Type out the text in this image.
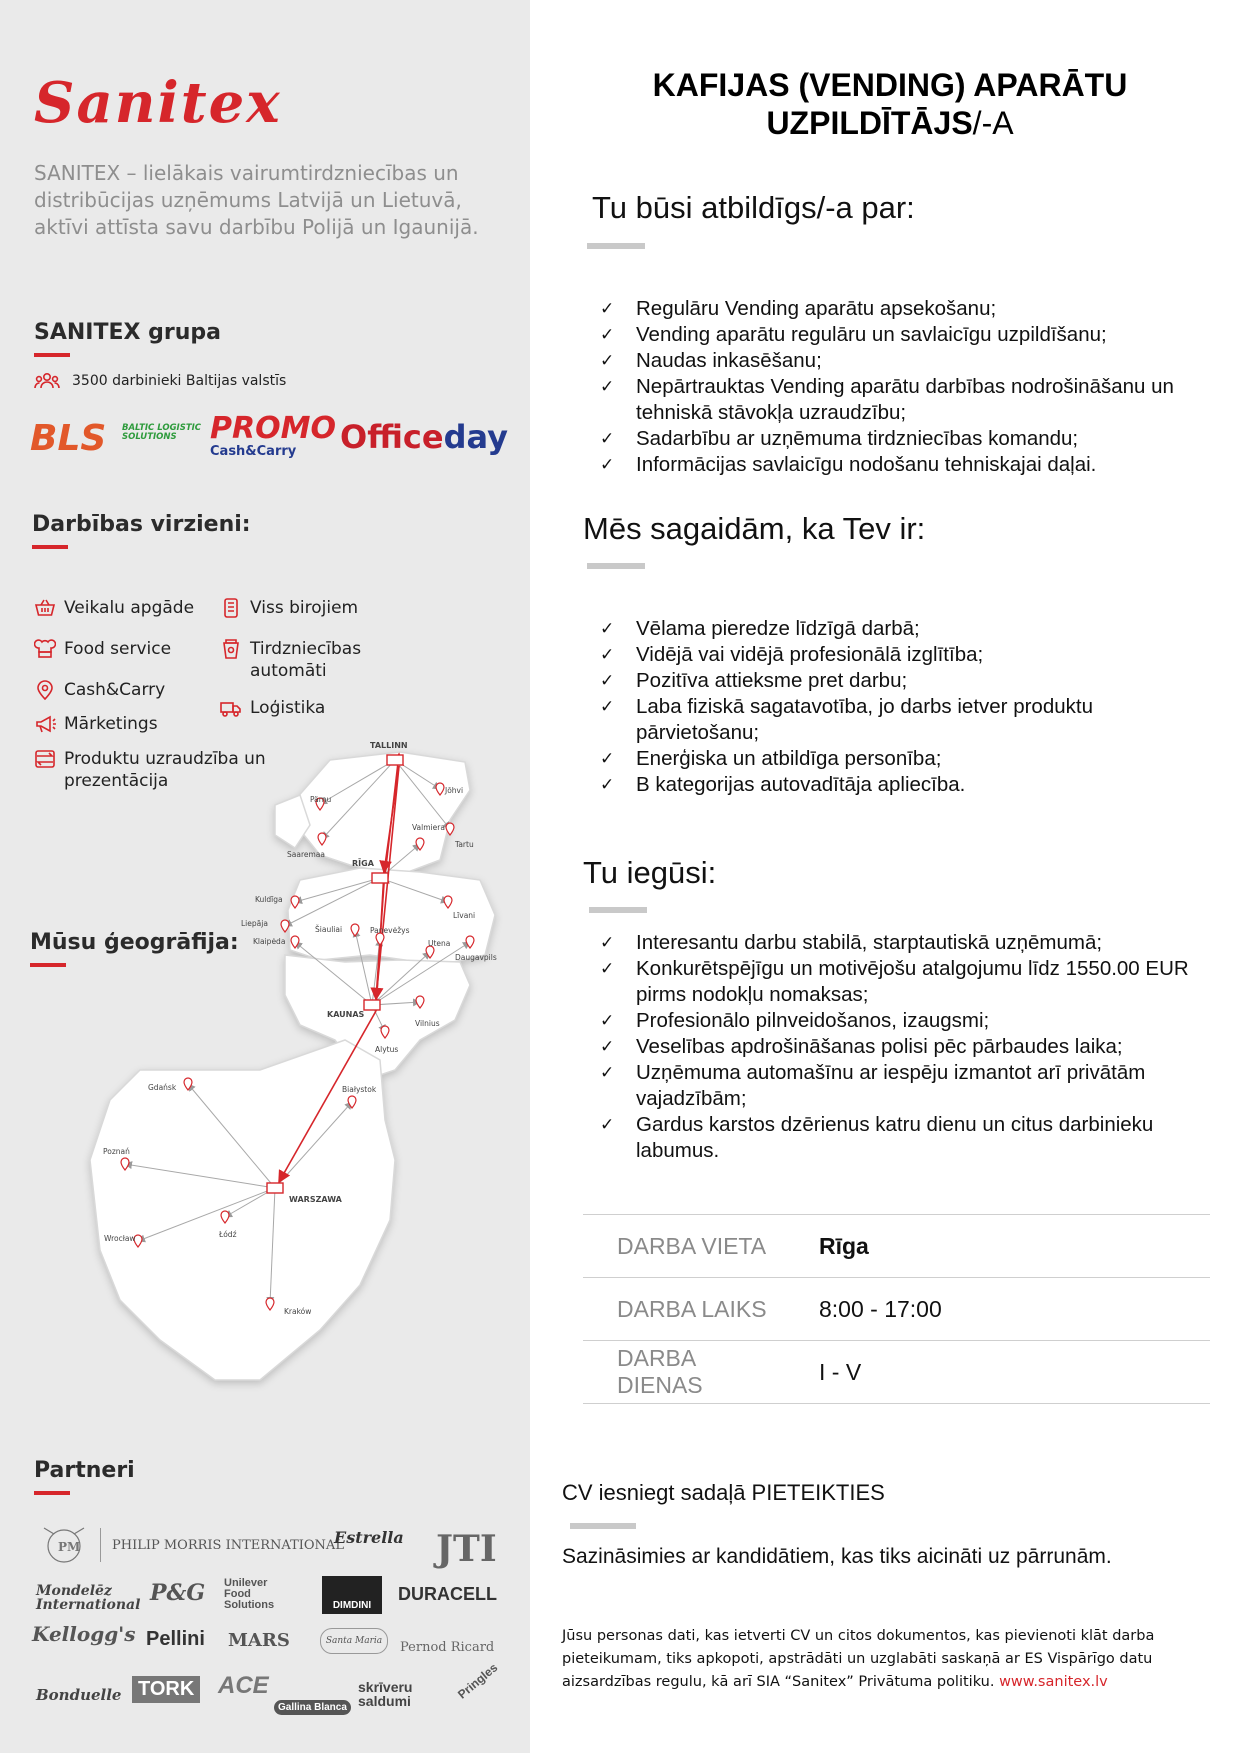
Sanitex
SANITEX – lielākais vairumtirdzniecības un distribūcijas uzņēmums Latvijā un Lietuvā, aktīvi attīsta savu darbību Polijā un Igaunijā.
SANITEX grupa
3500 darbinieki Baltijas valstīs
BLS BALTIC LOGISTIC SOLUTIONS	PROMO
Cash&Carry	Officeday
Darbības virzieni:
Veikalu apgāde	Viss birojiem
Food service	Tirdzniecības automāti
Cash&Carry
Loģistika
Mārketings
Produktu uzraudzība un prezentācija
Mūsu ģeogrāfija:
TALLINN
Jõhvi
Pärnu
Tartu
Saaremaa
Valmiera
RĪGA
Kuldīga
Liepāja
Līvani
Šiauliai	Panevėžys
Klaipėda
Daugavpils
Utena
KAUNAS
Vilnius
Alytus
Gdańsk	Białystok
Poznań
WARSZAWA
Wrocław	Łódź
Kraków
Partneri
PM PHILIP MORRIS INTERNATIONAL
Estrella JTI
Mondelēz International P&G Unilever Food Solutions	DIMDINI
DURACELL
Kellogg's Pellini MARS	Santa Maria	Pernod Ricard
Bonduelle TORK ACE
Gallina Blanca
skrīveru saldumi	Pringles
KAFIJAS (VENDING) APARĀTU UZPILDĪTĀJS/-A
Tu būsi atbildīgs/-a par:
✓ Regulāru Vending aparātu apsekošanu;
✓ Vending aparātu regulāru un savlaicīgu uzpildīšanu;
✓ Naudas inkasēšanu;
✓ Nepārtrauktas Vending aparātu darbības nodrošināšanu un tehniskā stāvokļa uzraudzību;
✓ Sadarbību ar uzņēmuma tirdzniecības komandu;
✓ Informācijas savlaicīgu nodošanu tehniskajai daļai.
Mēs sagaidām, ka Tev ir:
✓ Vēlama pieredze līdzīgā darbā;
✓ Vidējā vai vidējā profesionālā izglītība;
✓ Pozitīva attieksme pret darbu;
✓ Laba fiziskā sagatavotība, jo darbs ietver produktu pārvietošanu;
✓ Enerģiska un atbildīga personība;
✓ B kategorijas autovadītāja apliecība.
Tu iegūsi:
✓ Interesantu darbu stabilā, starptautiskā uzņēmumā;
✓ Konkurētspējīgu un motivējošu atalgojumu līdz 1550.00 EUR pirms nodokļu nomaksas;
✓ Profesionālo pilnveidošanos, izaugsmi;
✓ Veselības apdrošināšanas polisi pēc pārbaudes laika;
✓ Uzņēmuma automašīnu ar iespēju izmantot arī privātām vajadzībām;
✓ Gardus karstos dzērienus katru dienu un citus darbinieku labumus.
DARBA VIETA	Rīga
DARBA LAIKS	8:00 - 17:00
DARBA DIENAS	I - V
CV iesniegt sadaļā PIETEIKTIES
Sazināsimies ar kandidātiem, kas tiks aicināti uz pārrunām.
Jūsu personas dati, kas ietverti CV un citos dokumentos, kas pievienoti klāt darba pieteikumam, tiks apkopoti, apstrādāti un uzglabāti saskaņā ar ES Vispārīgo datu aizsardzības regulu, kā arī SIA “Sanitex” Privātuma politiku. www.sanitex.lv
